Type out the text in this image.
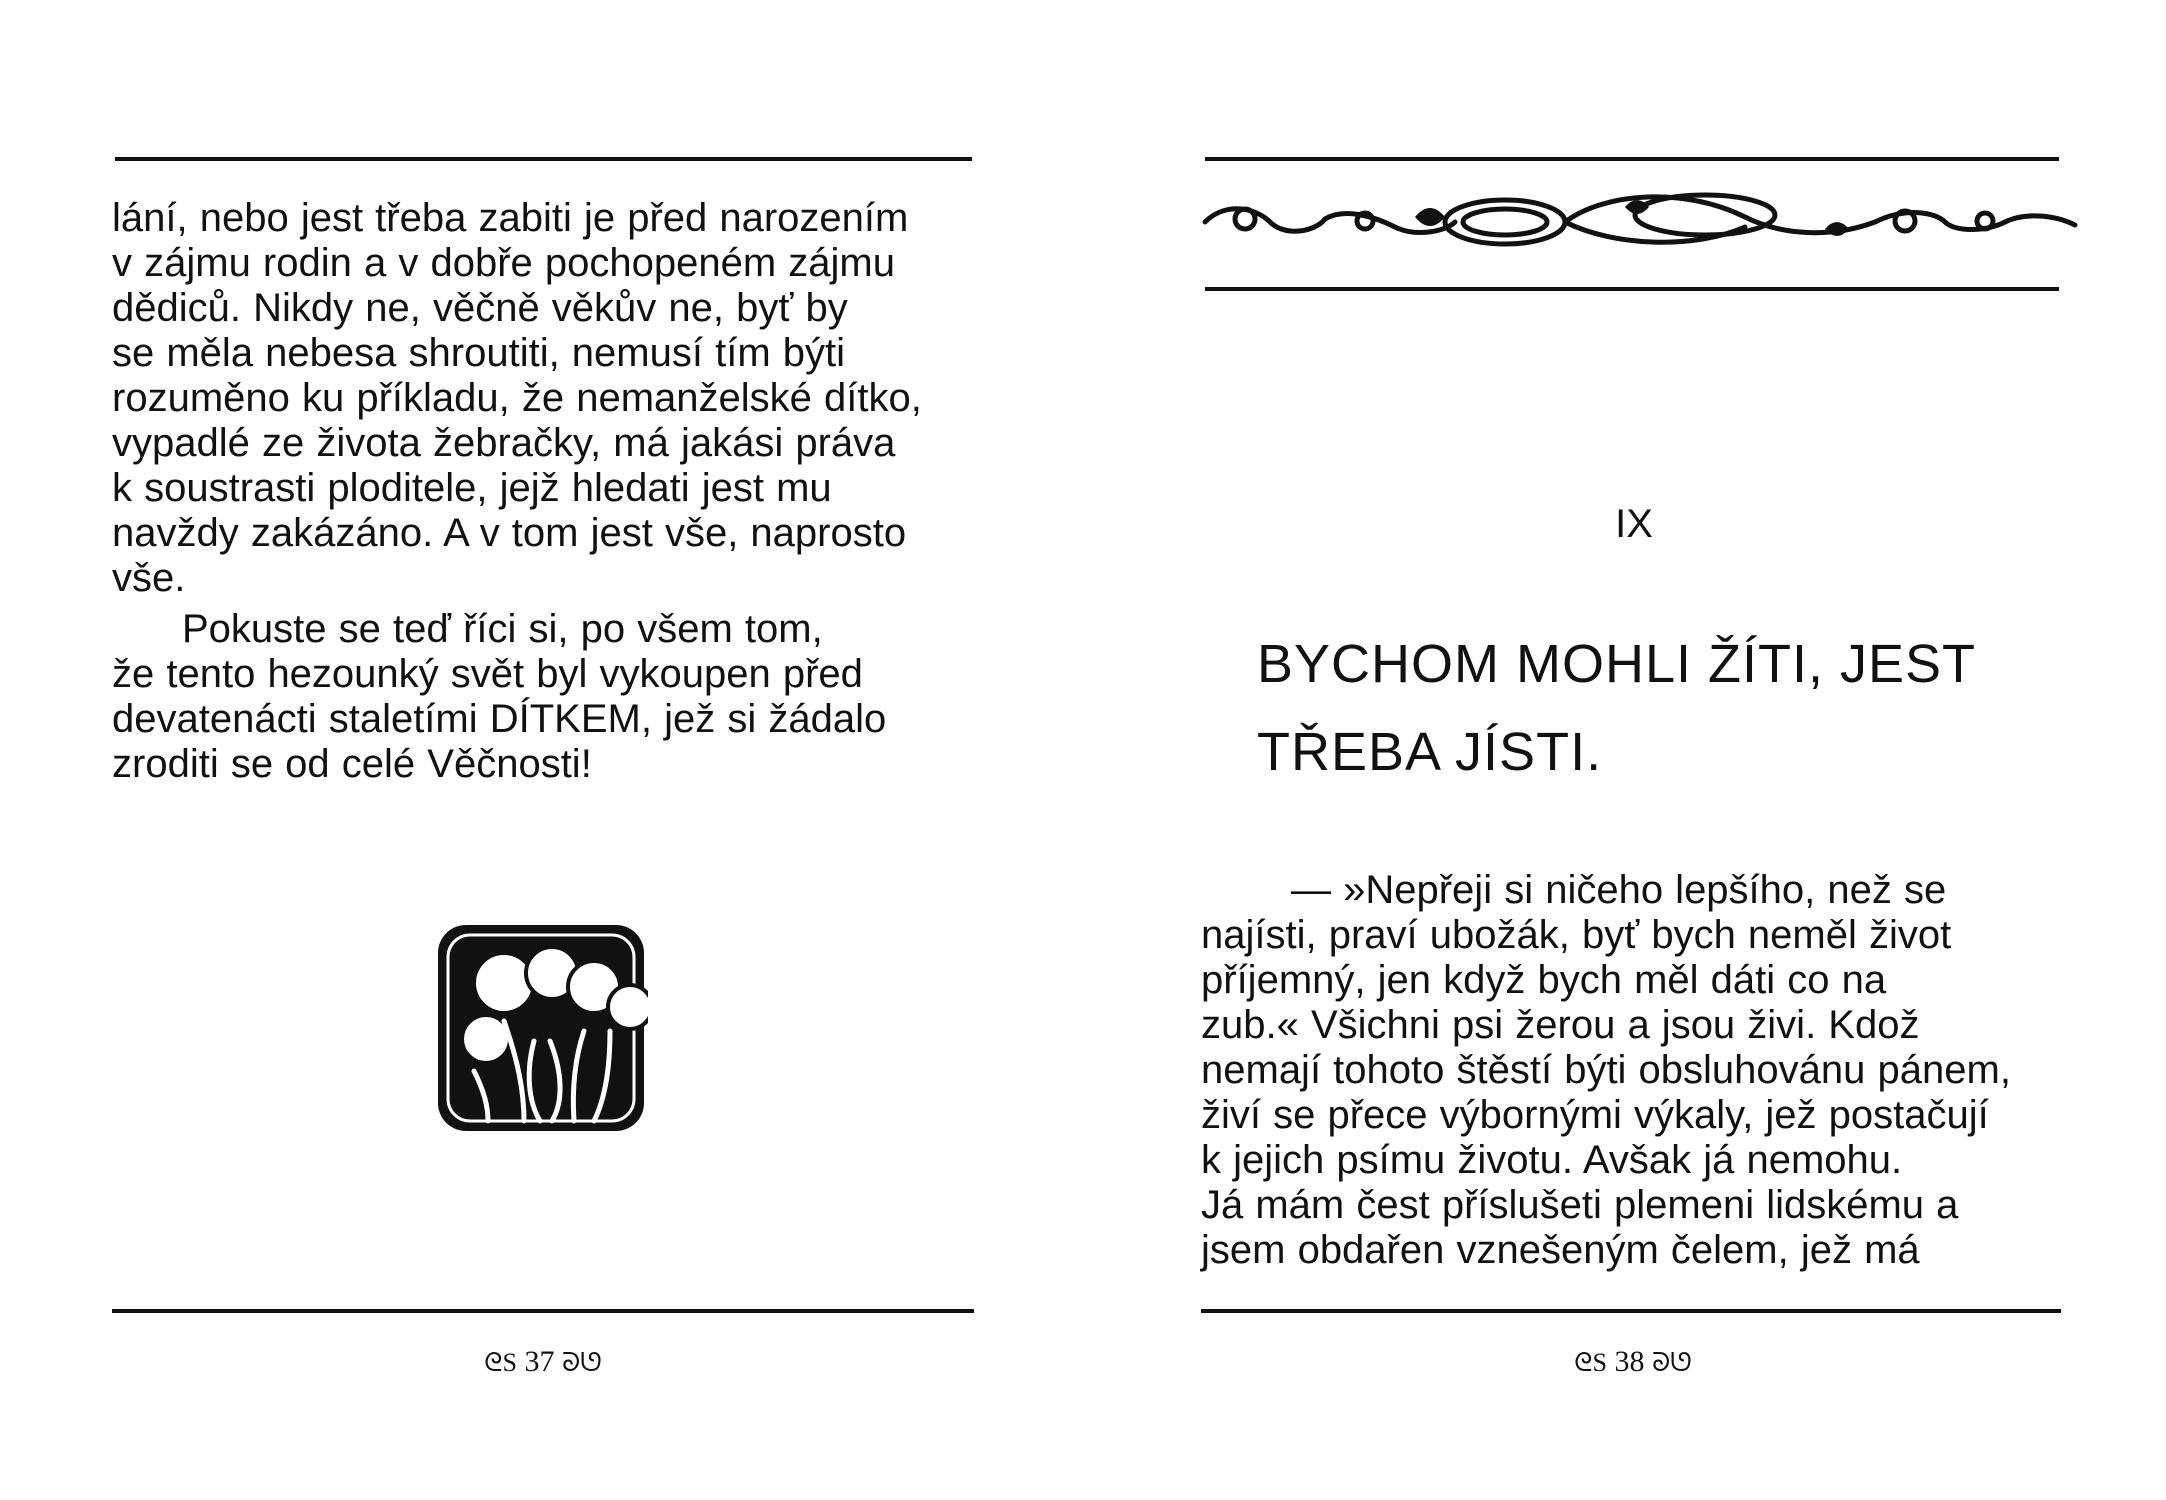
lání, nebo jest třeba zabiti je před narozením
v zájmu rodin a v dobře pochopeném zájmu
dědiců. Nikdy ne, věčně věkův ne, byť by
se měla nebesa shroutiti, nemusí tím býti
rozuměno ku příkladu, že nemanželské dítko,
vypadlé ze života žebračky, má jakási práva
k soustrasti ploditele, jejž hledati jest mu
navždy zakázáno. A v tom jest vše, naprosto
vše.

Pokuste se teď říci si, po všem tom,
že tento hezounký svět byl vykoupen před
devatenácti staletími DÍTKEM, jež si žádalo
zroditi se od celé Věčnosti!

ᘓS 37 ᘐᘎ
IX
BYCHOM MOHLI ŽÍTI, JEST
TŘEBA JÍSTI.

— »Nepřeji si ničeho lepšího, než se
najísti, praví ubožák, byť bych neměl život
příjemný, jen když bych měl dáti co na
zub.« Všichni psi žerou a jsou živi. Kdož
nemají tohoto štěstí býti obsluhovánu pánem,
živí se přece výbornými výkaly, jež postačují
k jejich psímu životu. Avšak já nemohu.
Já mám čest příslušeti plemeni lidskému a
jsem obdařen vznešeným čelem, jež má

ᘓS 38 ᘐᘎ
